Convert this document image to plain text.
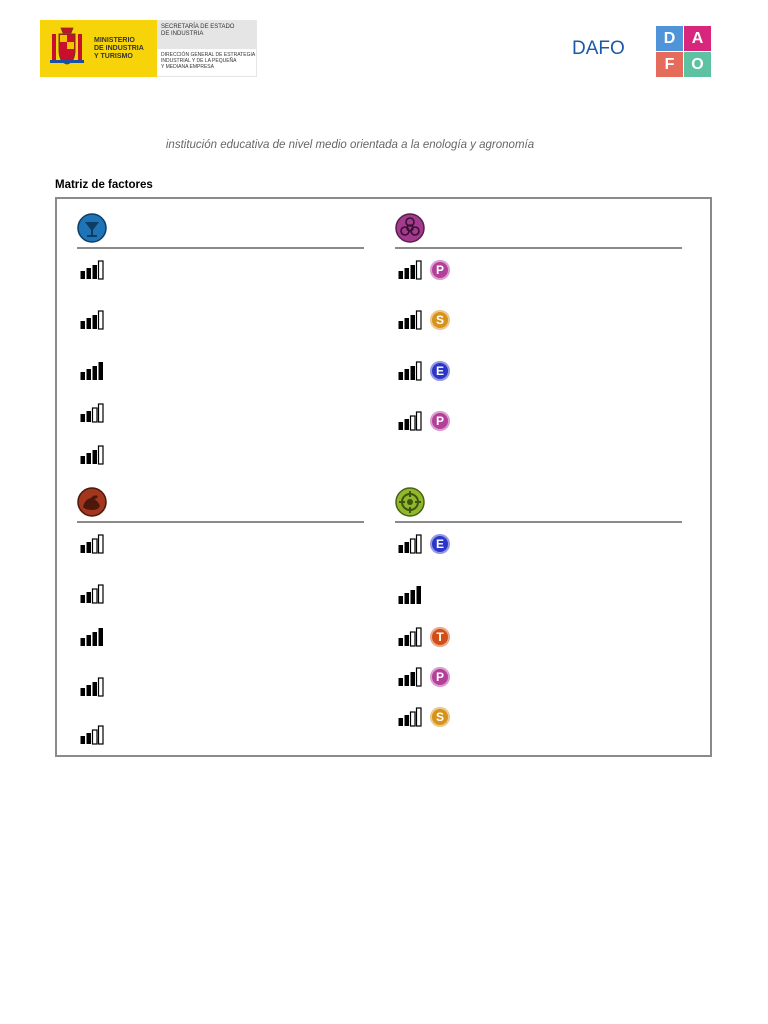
MINISTERIO
DE INDUSTRIA
Y TURISMO
SECRETARÍA DE ESTADO
DE INDUSTRIA
DIRECCIÓN GENERAL DE ESTRATEGIA
INDUSTRIAL Y DE LA PEQUEÑA
Y MEDIANA EMPRESA
DAFO	D	A
F	O
institución educativa de nivel medio orientada a la enología y agronomía
Matriz de factores
P
S
E
P
E
T
P
S
